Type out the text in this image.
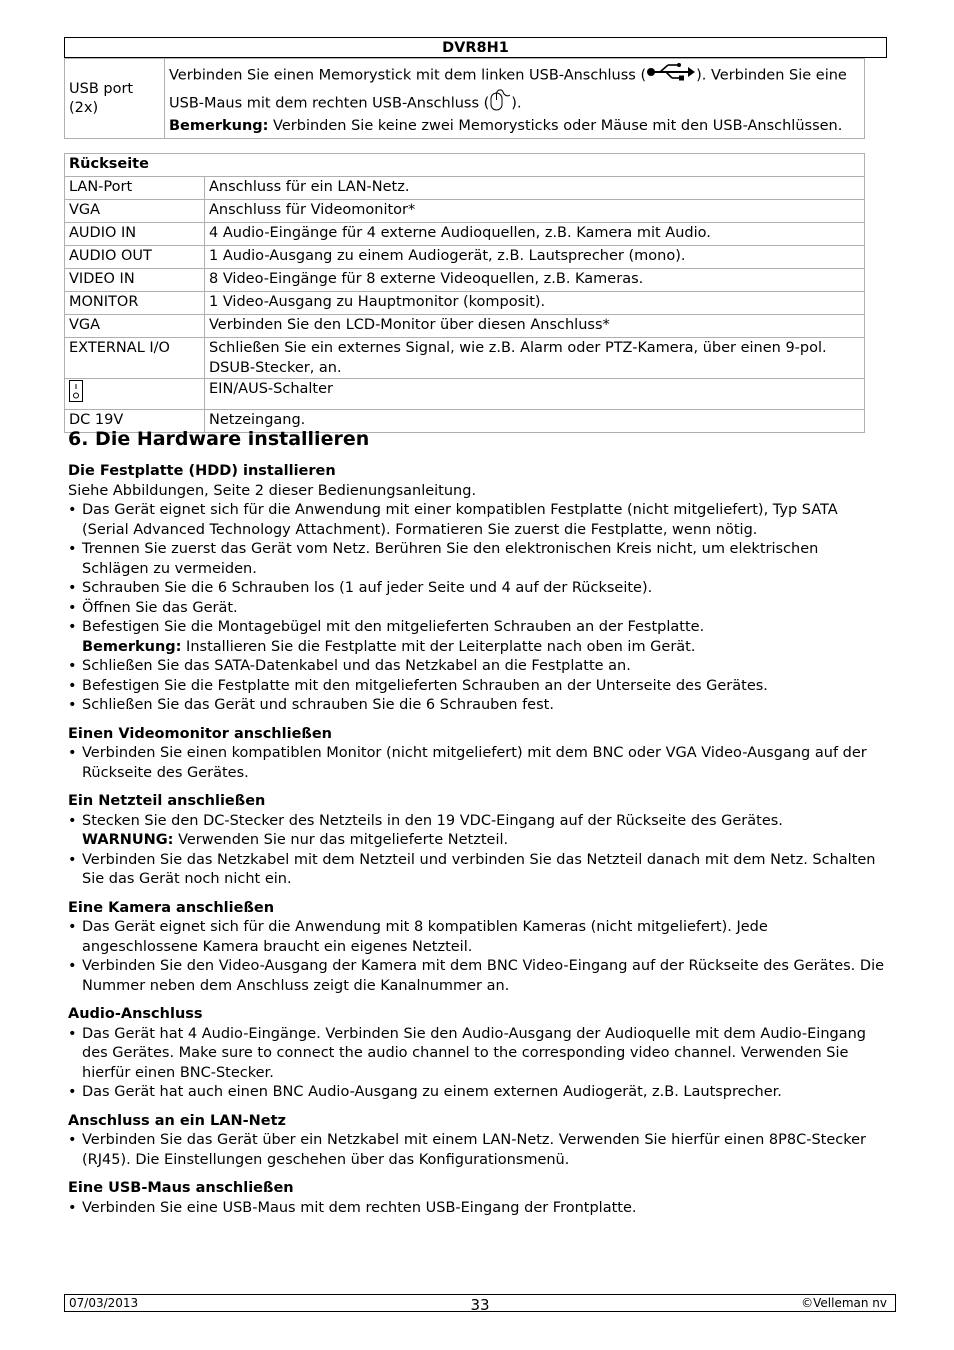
DVR8H1
USB port (2x)	Verbinden Sie einen Memorystick mit dem linken USB-Anschluss (	). Verbinden Sie eine USB-Maus mit dem rechten USB-Anschluss ( ).
Bemerkung: Verbinden Sie keine zwei Memorysticks oder Mäuse mit den USB-Anschlüssen.
Rückseite	
LAN-Port	Anschluss für ein LAN-Netz.
VGA	Anschluss für Videomonitor*
AUDIO IN	4 Audio-Eingänge für 4 externe Audioquellen, z.B. Kamera mit Audio.
AUDIO OUT	1 Audio-Ausgang zu einem Audiogerät, z.B. Lautsprecher (mono).
VIDEO IN	8 Video-Eingänge für 8 externe Videoquellen, z.B. Kameras.
MONITOR	1 Video-Ausgang zu Hauptmonitor (komposit).
VGA	Verbinden Sie den LCD-Monitor über diesen Anschluss*
EXTERNAL I/O	Schließen Sie ein externes Signal, wie z.B. Alarm oder PTZ-Kamera, über einen 9-pol. DSUB-Stecker, an.
	EIN/AUS-Schalter
DC 19V	Netzeingang.
6. Die Hardware installieren
Die Festplatte (HDD) installieren
Siehe Abbildungen, Seite 2 dieser Bedienungsanleitung.
• Das Gerät eignet sich für die Anwendung mit einer kompatiblen Festplatte (nicht mitgeliefert), Typ SATA (Serial Advanced Technology Attachment). Formatieren Sie zuerst die Festplatte, wenn nötig.
• Trennen Sie zuerst das Gerät vom Netz. Berühren Sie den elektronischen Kreis nicht, um elektrischen Schlägen zu vermeiden.
• Schrauben Sie die 6 Schrauben los (1 auf jeder Seite und 4 auf der Rückseite).
• Öffnen Sie das Gerät.
• Befestigen Sie die Montagebügel mit den mitgelieferten Schrauben an der Festplatte.
Bemerkung: Installieren Sie die Festplatte mit der Leiterplatte nach oben im Gerät.
• Schließen Sie das SATA-Datenkabel und das Netzkabel an die Festplatte an.
• Befestigen Sie die Festplatte mit den mitgelieferten Schrauben an der Unterseite des Gerätes.
• Schließen Sie das Gerät und schrauben Sie die 6 Schrauben fest.
Einen Videomonitor anschließen
• Verbinden Sie einen kompatiblen Monitor (nicht mitgeliefert) mit dem BNC oder VGA Video-Ausgang auf der Rückseite des Gerätes.
Ein Netzteil anschließen
• Stecken Sie den DC-Stecker des Netzteils in den 19 VDC-Eingang auf der Rückseite des Gerätes.
WARNUNG: Verwenden Sie nur das mitgelieferte Netzteil.
• Verbinden Sie das Netzkabel mit dem Netzteil und verbinden Sie das Netzteil danach mit dem Netz. Schalten Sie das Gerät noch nicht ein.
Eine Kamera anschließen
• Das Gerät eignet sich für die Anwendung mit 8 kompatiblen Kameras (nicht mitgeliefert). Jede angeschlossene Kamera braucht ein eigenes Netzteil.
• Verbinden Sie den Video-Ausgang der Kamera mit dem BNC Video-Eingang auf der Rückseite des Gerätes. Die Nummer neben dem Anschluss zeigt die Kanalnummer an.
Audio-Anschluss
• Das Gerät hat 4 Audio-Eingänge. Verbinden Sie den Audio-Ausgang der Audioquelle mit dem Audio-Eingang des Gerätes. Make sure to connect the audio channel to the corresponding video channel. Verwenden Sie hierfür einen BNC-Stecker.
• Das Gerät hat auch einen BNC Audio-Ausgang zu einem externen Audiogerät, z.B. Lautsprecher.
Anschluss an ein LAN-Netz
• Verbinden Sie das Gerät über ein Netzkabel mit einem LAN-Netz. Verwenden Sie hierfür einen 8P8C-Stecker (RJ45). Die Einstellungen geschehen über das Konfigurationsmenü.
Eine USB-Maus anschließen
• Verbinden Sie eine USB-Maus mit dem rechten USB-Eingang der Frontplatte.
07/03/2013	33	©Velleman nv
